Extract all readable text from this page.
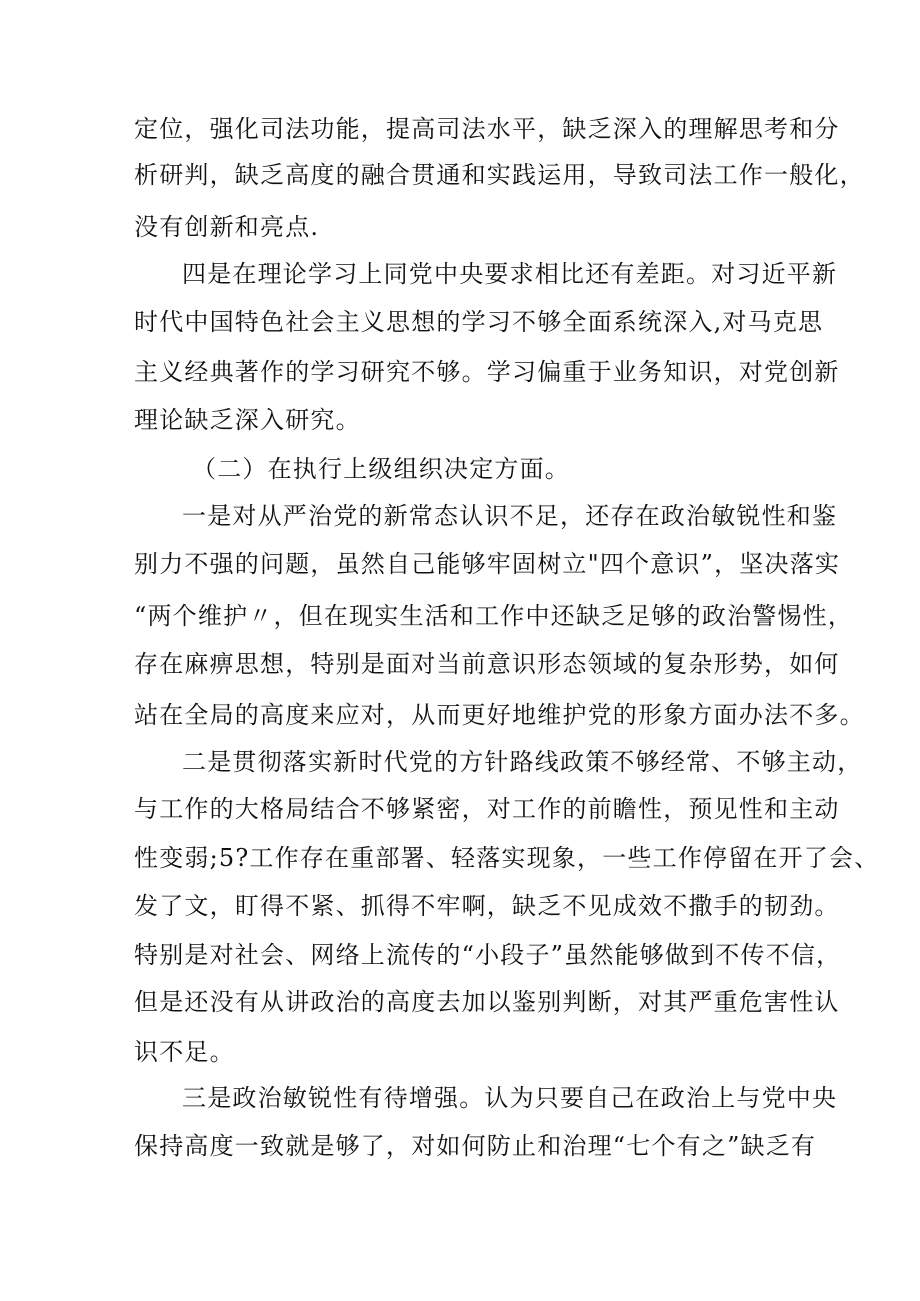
定位，强化司法功能，提高司法水平，缺乏深入的理解思考和分
析研判，缺乏高度的融合贯通和实践运用，导致司法工作一般化，
没有创新和亮点.
四是在理论学习上同党中央要求相比还有差距。对习近平新
时代中国特色社会主义思想的学习不够全面系统深入,对马克思
主义经典著作的学习研究不够。学习偏重于业务知识，对党创新
理论缺乏深入研究。
（二）在执行上级组织决定方面。
一是对从严治党的新常态认识不足，还存在政治敏锐性和鉴
别力不强的问题，虽然自己能够牢固树立"四个意识”，坚决落实
“两个维护〃，但在现实生活和工作中还缺乏足够的政治警惕性，
存在麻痹思想，特别是面对当前意识形态领域的复杂形势，如何
站在全局的高度来应对，从而更好地维护党的形象方面办法不多。
二是贯彻落实新时代党的方针路线政策不够经常、不够主动，
与工作的大格局结合不够紧密，对工作的前瞻性，预见性和主动
性变弱;5?工作存在重部署、轻落实现象，一些工作停留在开了会、
发了文，盯得不紧、抓得不牢啊，缺乏不见成效不撒手的韧劲。
特别是对社会、网络上流传的“小段子”虽然能够做到不传不信，
但是还没有从讲政治的高度去加以鉴别判断，对其严重危害性认
识不足。
三是政治敏锐性有待增强。认为只要自己在政治上与党中央
保持高度一致就是够了，对如何防止和治理“七个有之”缺乏有
